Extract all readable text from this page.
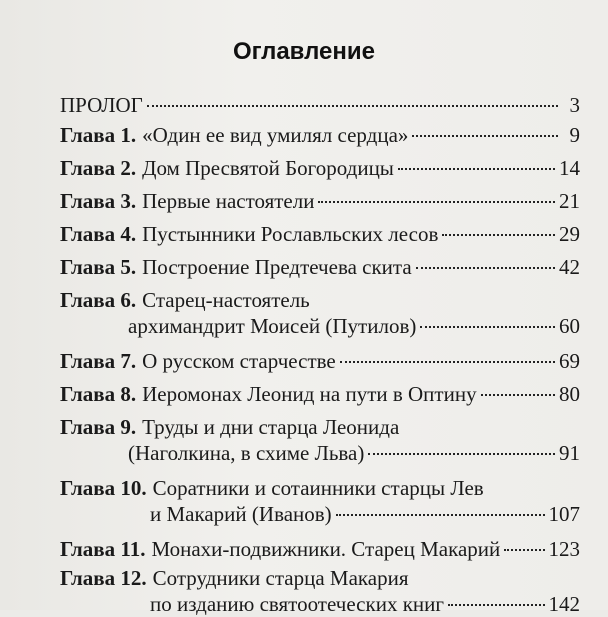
Оглавление
ПРОЛОГ	3
Глава 1. «Один ее вид умилял сердца»	9
Глава 2. Дом Пресвятой Богородицы	14
Глава 3. Первые настоятели	21
Глава 4. Пустынники Рославльских лесов	29
Глава 5. Построение Предтечева скита	42
Глава 6. Старец-настоятель
архимандрит Моисей (Путилов)	60
Глава 7. О русском старчестве	69
Глава 8. Иеромонах Леонид на пути в Оптину	80
Глава 9. Труды и дни старца Леонида
(Наголкина, в схиме Льва)	91
Глава 10. Соратники и сотаинники старцы Лев
и Макарий (Иванов)	107
Глава 11. Монахи-подвижники. Старец Макарий 123
Глава 12. Сотрудники старца Макария
по изданию святоотеческих книг	142
